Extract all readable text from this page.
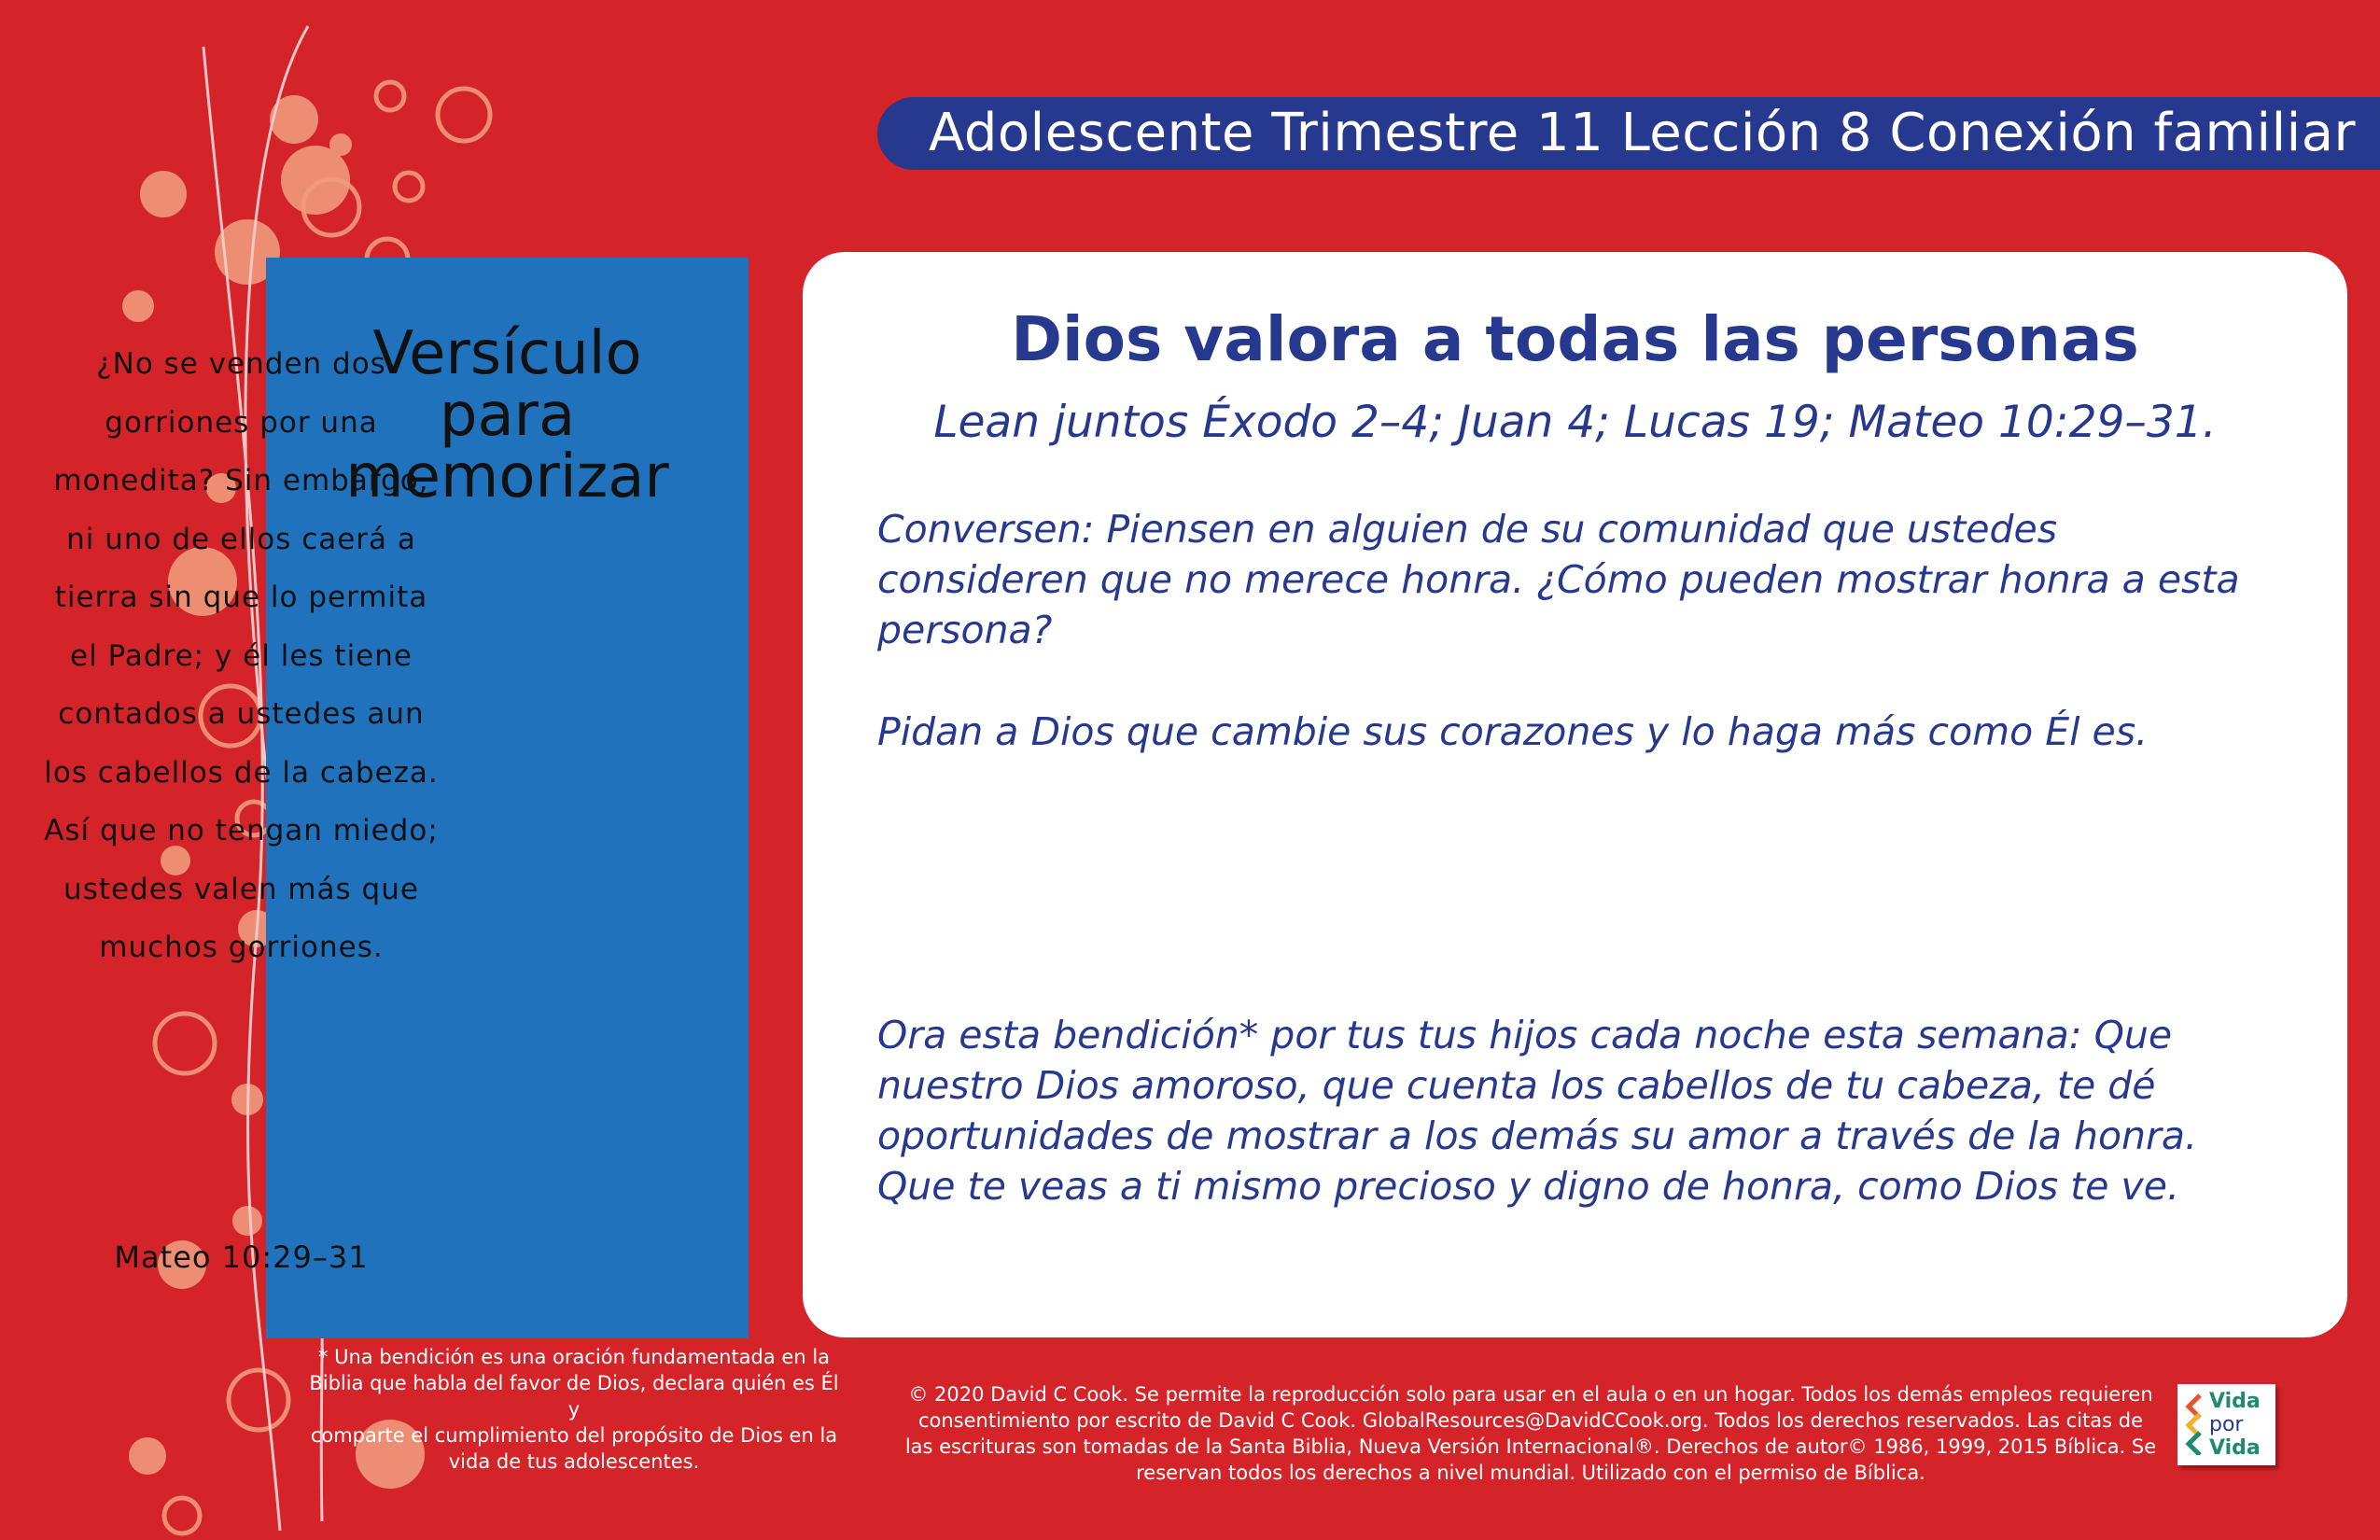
Adolescente Trimestre 11 Lección 8 Conexión familiar
Versículo
para
memorizar
¿No se venden dos
gorriones por una
monedita? Sin embargo,
ni uno de ellos caerá a
tierra sin que lo permita
el Padre; y él les tiene
contados a ustedes aun
los cabellos de la cabeza.
Así que no tengan miedo;
ustedes valen más que
muchos gorriones.
Mateo 10:29–31
Dios valora a todas las personas
Lean juntos Éxodo 2–4; Juan 4; Lucas 19; Mateo 10:29–31.
Conversen: Piensen en alguien de su comunidad que ustedes
consideren que no merece honra. ¿Cómo pueden mostrar honra a esta
persona?
Pidan a Dios que cambie sus corazones y lo haga más como Él es.
Ora esta bendición* por tus tus hijos cada noche esta semana: Que
nuestro Dios amoroso, que cuenta los cabellos de tu cabeza, te dé
oportunidades de mostrar a los demás su amor a través de la honra.
Que te veas a ti mismo precioso y digno de honra, como Dios te ve.
* Una bendición es una oración fundamentada en la
Biblia que habla del favor de Dios, declara quién es Él y
comparte el cumplimiento del propósito de Dios en la
vida de tus adolescentes.
© 2020 David C Cook. Se permite la reproducción solo para usar en el aula o en un hogar. Todos los demás empleos requieren
consentimiento por escrito de David C Cook. GlobalResources@DavidCCook.org. Todos los derechos reservados. Las citas de
las escrituras son tomadas de la Santa Biblia, Nueva Versión Internacional®. Derechos de autor© 1986, 1999, 2015 Bíblica. Se
reservan todos los derechos a nivel mundial. Utilizado con el permiso de Bíblica.
Vida
por
Vida
